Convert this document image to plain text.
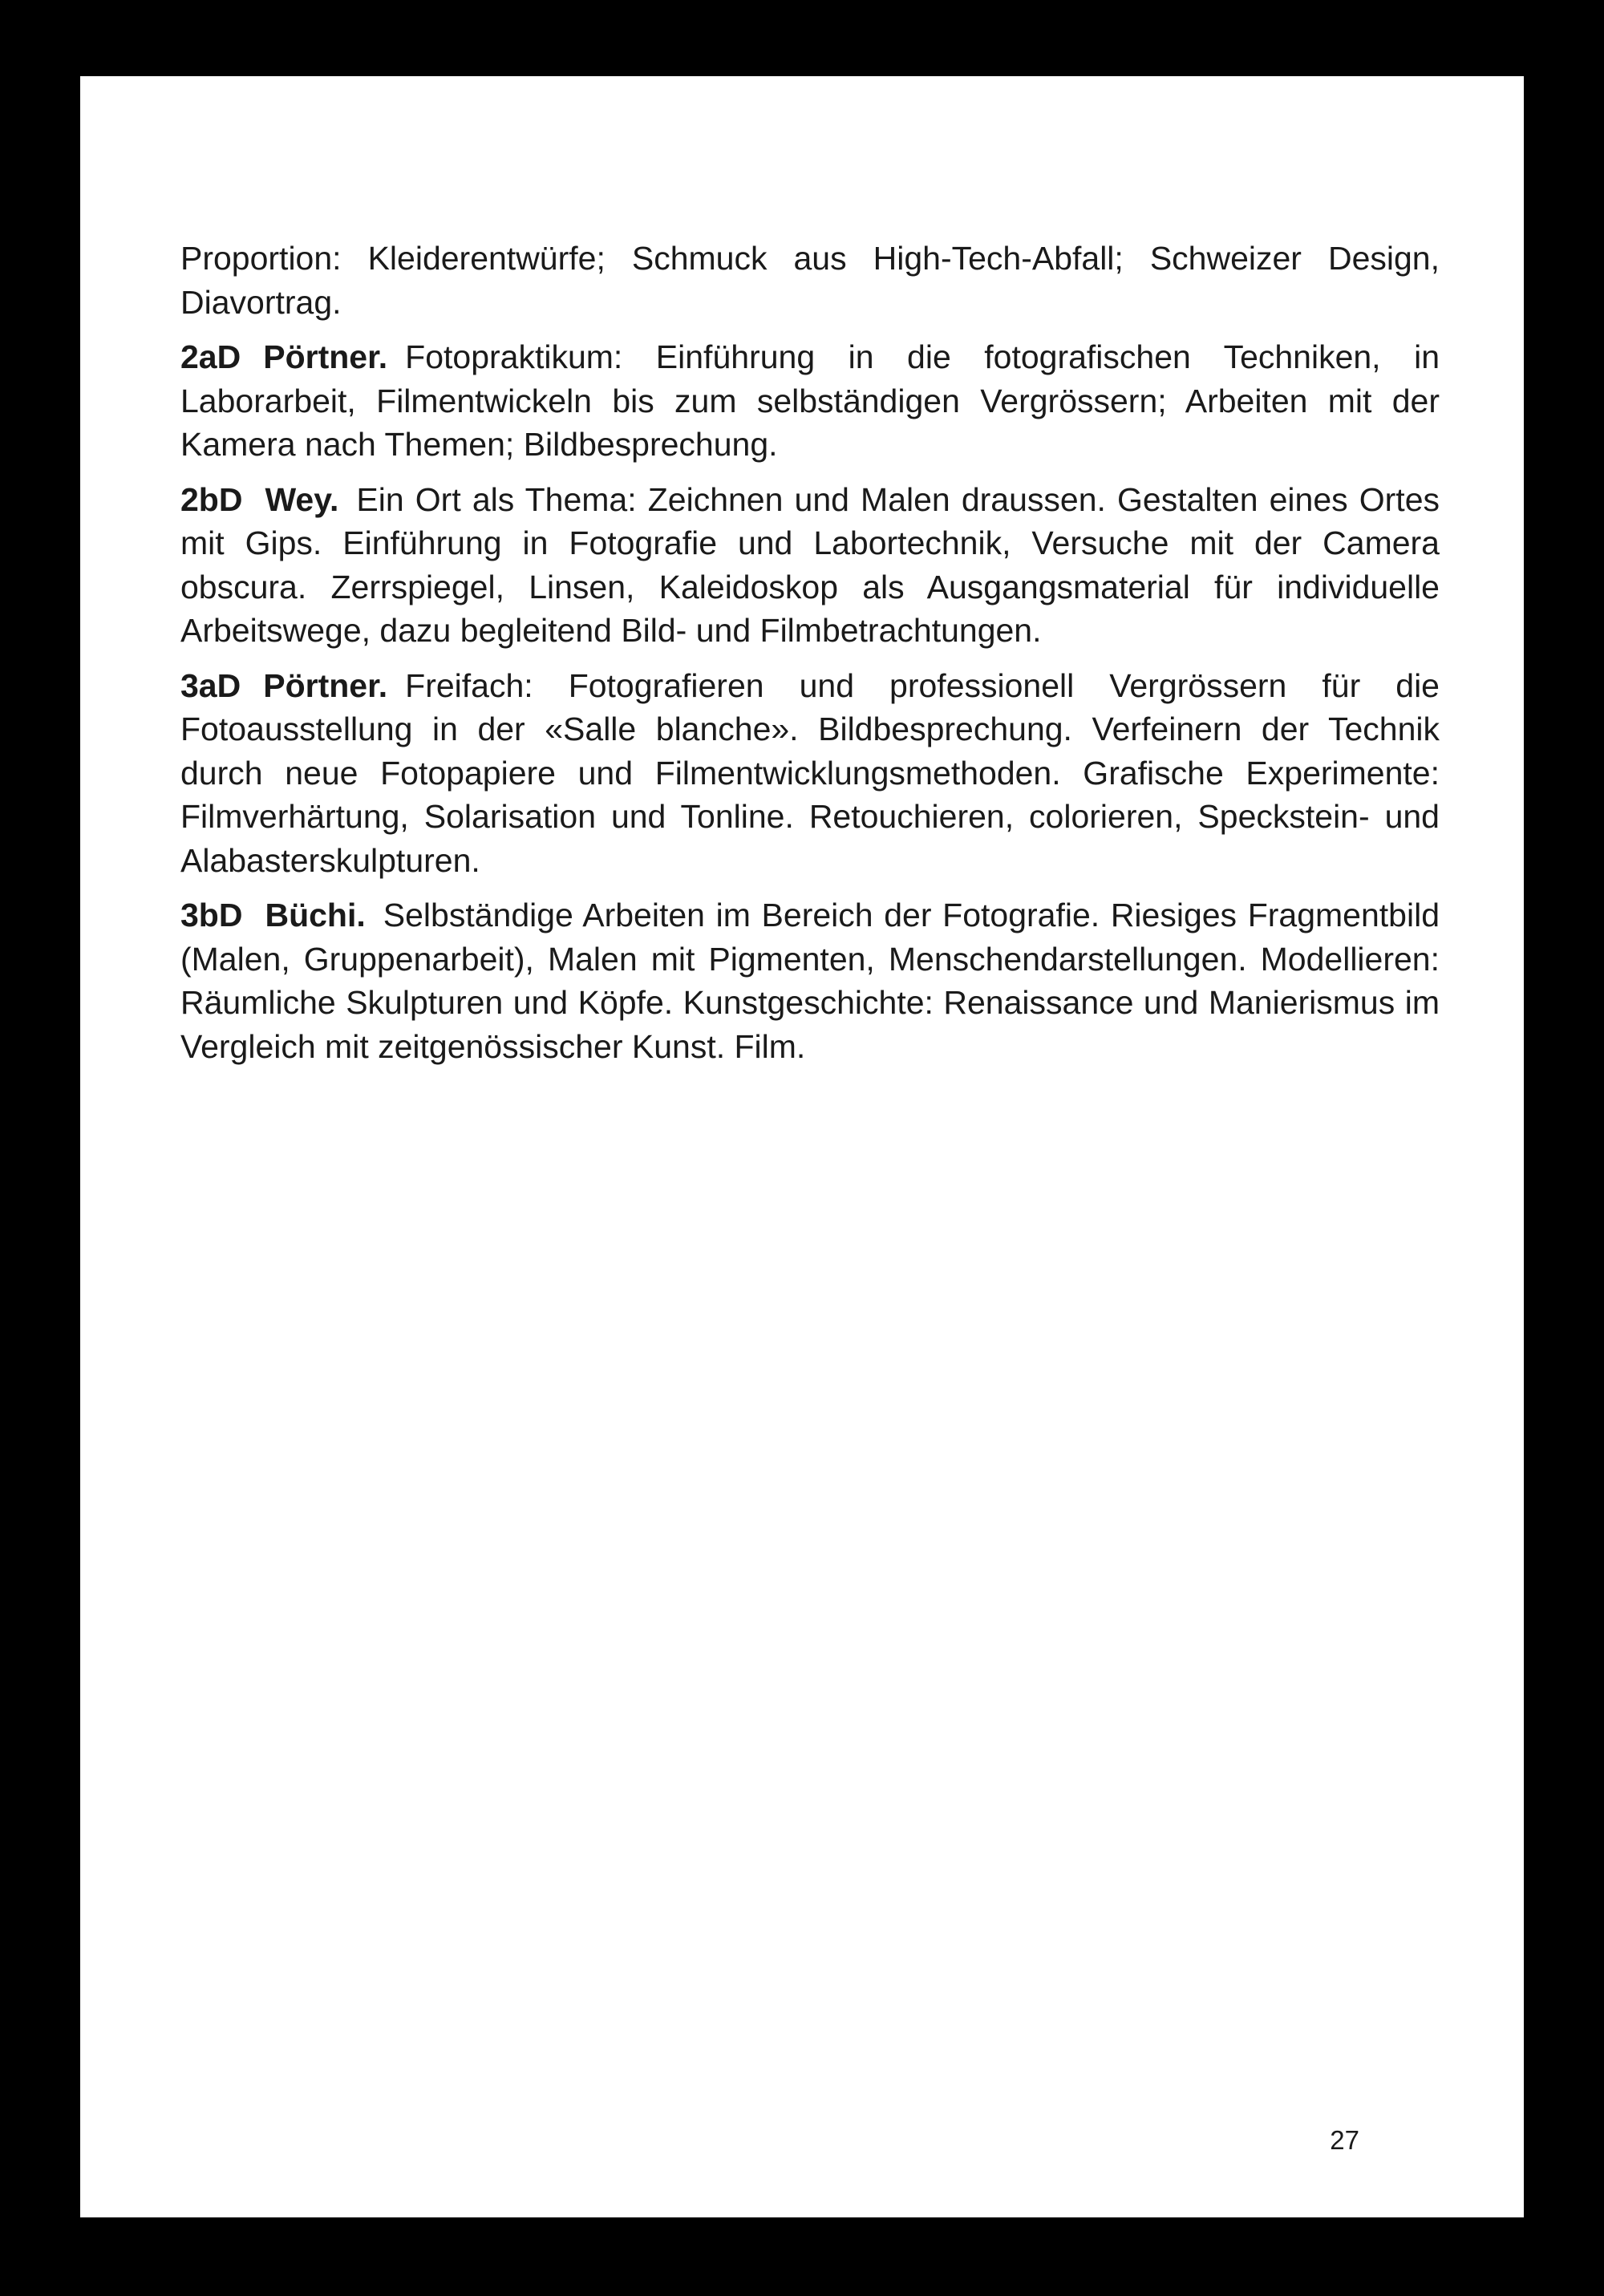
Proportion: Kleiderentwürfe; Schmuck aus High-Tech-Abfall; Schweizer Design, Diavortrag.

2aD Pörtner. Fotopraktikum: Einführung in die fotografischen Techniken, in Laborarbeit, Filmentwickeln bis zum selbständigen Vergrössern; Arbeiten mit der Kamera nach Themen; Bildbesprechung.

2bD Wey. Ein Ort als Thema: Zeichnen und Malen draussen. Gestalten eines Ortes mit Gips. Einführung in Fotografie und Labortechnik, Versuche mit der Camera obscura. Zerrspiegel, Linsen, Kaleidoskop als Ausgangsmaterial für individuelle Arbeitswege, dazu begleitend Bild- und Filmbetrachtungen.

3aD Pörtner. Freifach: Fotografieren und professionell Vergrössern für die Fotoausstellung in der «Salle blanche». Bildbesprechung. Verfeinern der Technik durch neue Fotopapiere und Filmentwicklungsmethoden. Grafische Experimente: Filmverhärtung, Solarisation und Tonline. Retouchieren, colorieren, Speckstein- und Alabasterskulpturen.

3bD Büchi. Selbständige Arbeiten im Bereich der Fotografie. Riesiges Fragmentbild (Malen, Gruppenarbeit), Malen mit Pigmenten, Menschendarstellungen. Modellieren: Räumliche Skulpturen und Köpfe. Kunstgeschichte: Renaissance und Manierismus im Vergleich mit zeitgenössischer Kunst. Film.

27
